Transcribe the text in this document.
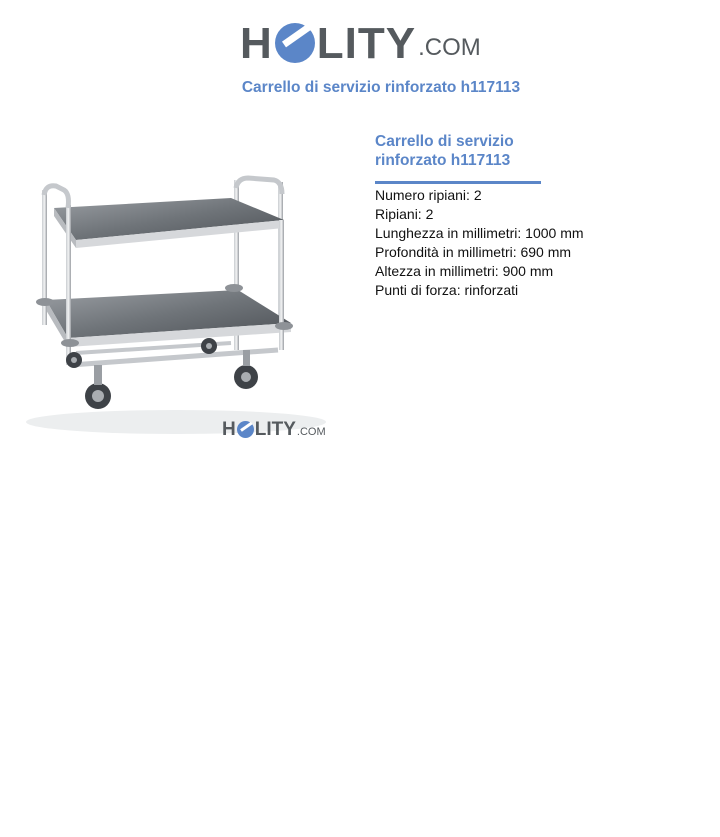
H LITY .COM
Carrello di servizio rinforzato h117113
H LITY .COM
Carrello di servizio rinforzato h117113
Numero ripiani: 2
Ripiani: 2
Lunghezza in millimetri: 1000 mm
Profondità in millimetri: 690 mm
Altezza in millimetri: 900 mm
Punti di forza: rinforzati
